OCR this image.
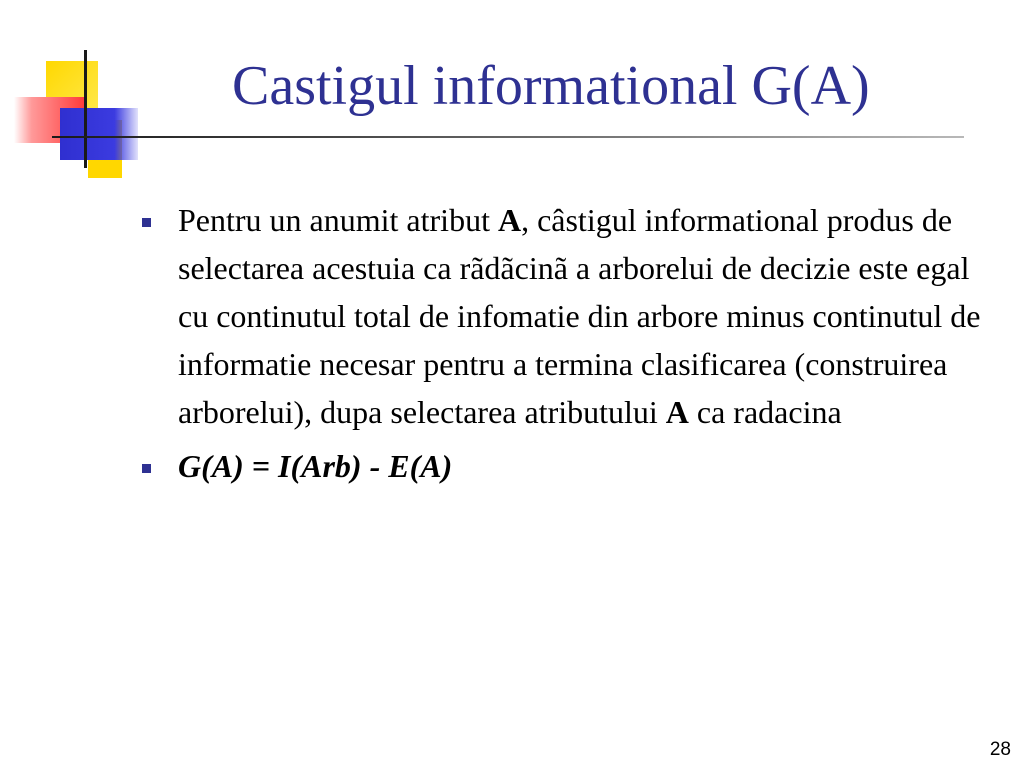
Castigul informational G(A)
Pentru un anumit atribut A, câstigul informational produs de selectarea acestuia ca rãdãcinã a arborelui de decizie este egal cu continutul total de infomatie din arbore minus continutul de informatie necesar pentru a termina clasificarea (construirea arborelui), dupa selectarea atributului A ca radacina
G(A) = I(Arb) - E(A)
28
